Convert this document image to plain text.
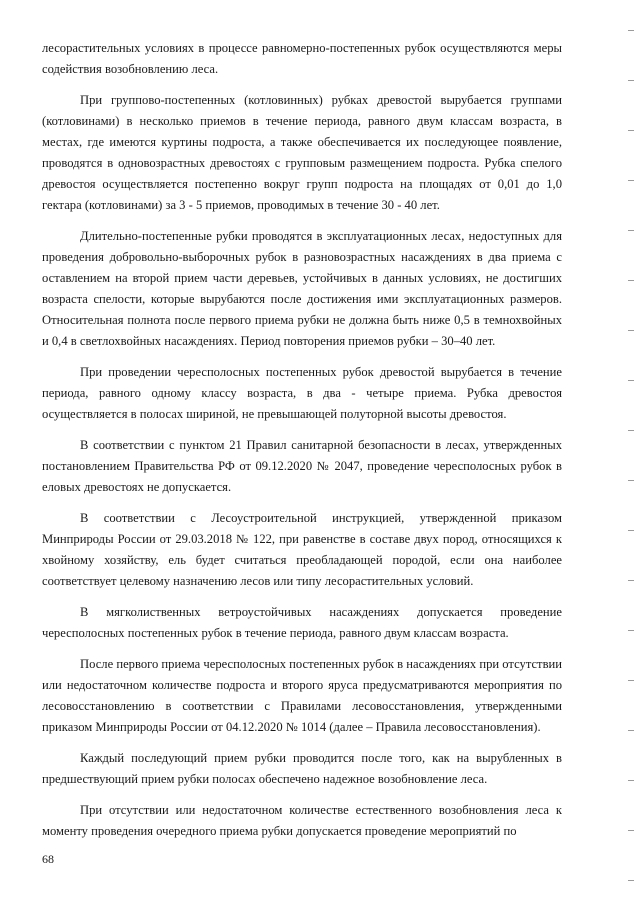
лесорастительных условиях в процессе равномерно-постепенных рубок осуществляются меры содействия возобновлению леса.

При группово-постепенных (котловинных) рубках древостой вырубается группами (котловинами) в несколько приемов в течение периода, равного двум классам возраста, в местах, где имеются куртины подроста, а также обеспечивается их последующее появление, проводятся в одновозрастных древостоях с групповым размещением подроста. Рубка спелого древостоя осуществляется постепенно вокруг групп подроста на площадях от 0,01 до 1,0 гектара (котловинами) за 3 - 5 приемов, проводимых в течение 30 - 40 лет.

Длительно-постепенные рубки проводятся в эксплуатационных лесах, недоступных для проведения добровольно-выборочных рубок в разновозрастных насаждениях в два приема с оставлением на второй прием части деревьев, устойчивых в данных условиях, не достигших возраста спелости, которые вырубаются после достижения ими эксплуатационных размеров. Относительная полнота после первого приема рубки не должна быть ниже 0,5 в темнохвойных и 0,4 в светлохвойных насаждениях. Период повторения приемов рубки – 30–40 лет.

При проведении чересполосных постепенных рубок древостой вырубается в течение периода, равного одному классу возраста, в два - четыре приема. Рубка древостоя осуществляется в полосах шириной, не превышающей полуторной высоты древостоя.

В соответствии с пунктом 21 Правил санитарной безопасности в лесах, утвержденных постановлением Правительства РФ от 09.12.2020 № 2047, проведение чересполосных рубок в еловых древостоях не допускается.

В соответствии с Лесоустроительной инструкцией, утвержденной приказом Минприроды России от 29.03.2018 № 122, при равенстве в составе двух пород, относящихся к хвойному хозяйству, ель будет считаться преобладающей породой, если она наиболее соответствует целевому назначению лесов или типу лесорастительных условий.

В мягколиственных ветроустойчивых насаждениях допускается проведение чересполосных постепенных рубок в течение периода, равного двум классам возраста.

После первого приема чересполосных постепенных рубок в насаждениях при отсутствии или недостаточном количестве подроста и второго яруса предусматриваются мероприятия по лесовосстановлению в соответствии с Правилами лесовосстановления, утвержденными приказом Минприроды России от 04.12.2020 № 1014 (далее – Правила лесовосстановления).

Каждый последующий прием рубки проводится после того, как на вырубленных в предшествующий прием рубки полосах обеспечено надежное возобновление леса.

При отсутствии или недостаточном количестве естественного возобновления леса к моменту проведения очередного приема рубки допускается проведение мероприятий по

68
